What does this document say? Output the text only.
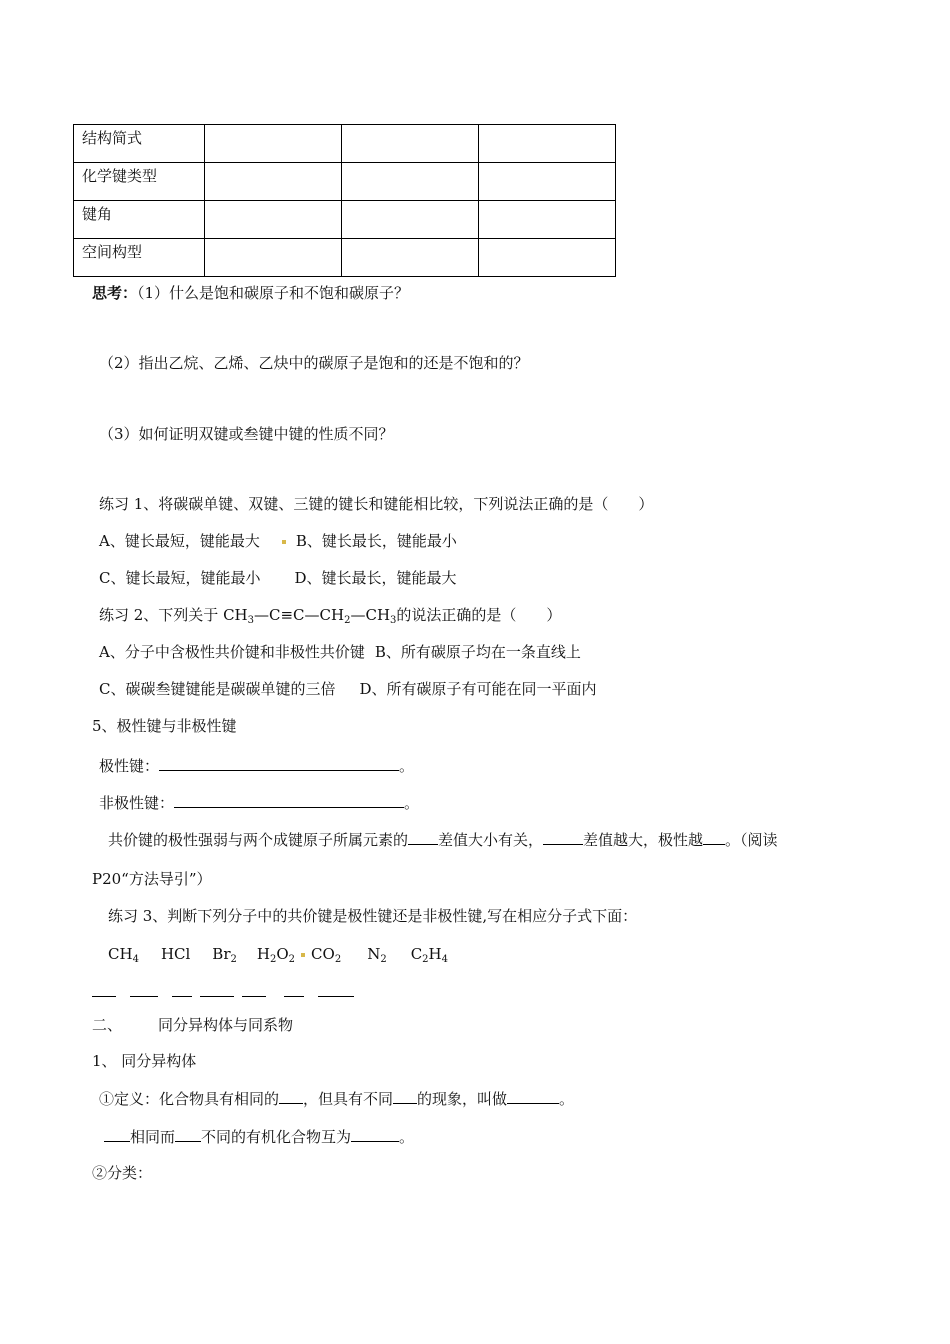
结构简式			
化学键类型			
键角			
空间构型			
思考：（1）什么是饱和碳原子和不饱和碳原子？
（2）指出乙烷、乙烯、乙炔中的碳原子是饱和的还是不饱和的？
（3）如何证明双键或叁键中键的性质不同？
练习 1、将碳碳单键、双键、三键的键长和键能相比较，下列说法正确的是（　　）
A、键长最短，键能最大 B、键长最长，键能最小
C、键长最短，键能最小 D、键长最长，键能最大
练习 2、下列关于 $CH_3—C\equiv C—CH_2—CH_3$的说法正确的是（　　）
A、分子中含极性共价键和非极性共价键 B、所有碳原子均在一条直线上
C、碳碳叁键键能是碳碳单键的三倍 D、所有碳原子有可能在同一平面内
5、极性键与非极性键
极性键：	。
非极性键：	。
共价键的极性强弱与两个成键原子所属元素的 差值大小有关，	差值越大，极性越 。（阅读
P20“方法导引”）
练习 3、判断下列分子中的共价键是极性键还是非极性键,写在相应分子式下面：
$CH_4$ HCl $Br_2$ $H_2O_2$ $CO_2$ $N_2$ $C_2H_4$
二、 同分异构体与同系物
1、 同分异构体
①定义：化合物具有相同的 ，但具有不同 的现象，叫做	。
相同而 不同的有机化合物互为	。
②分类：
